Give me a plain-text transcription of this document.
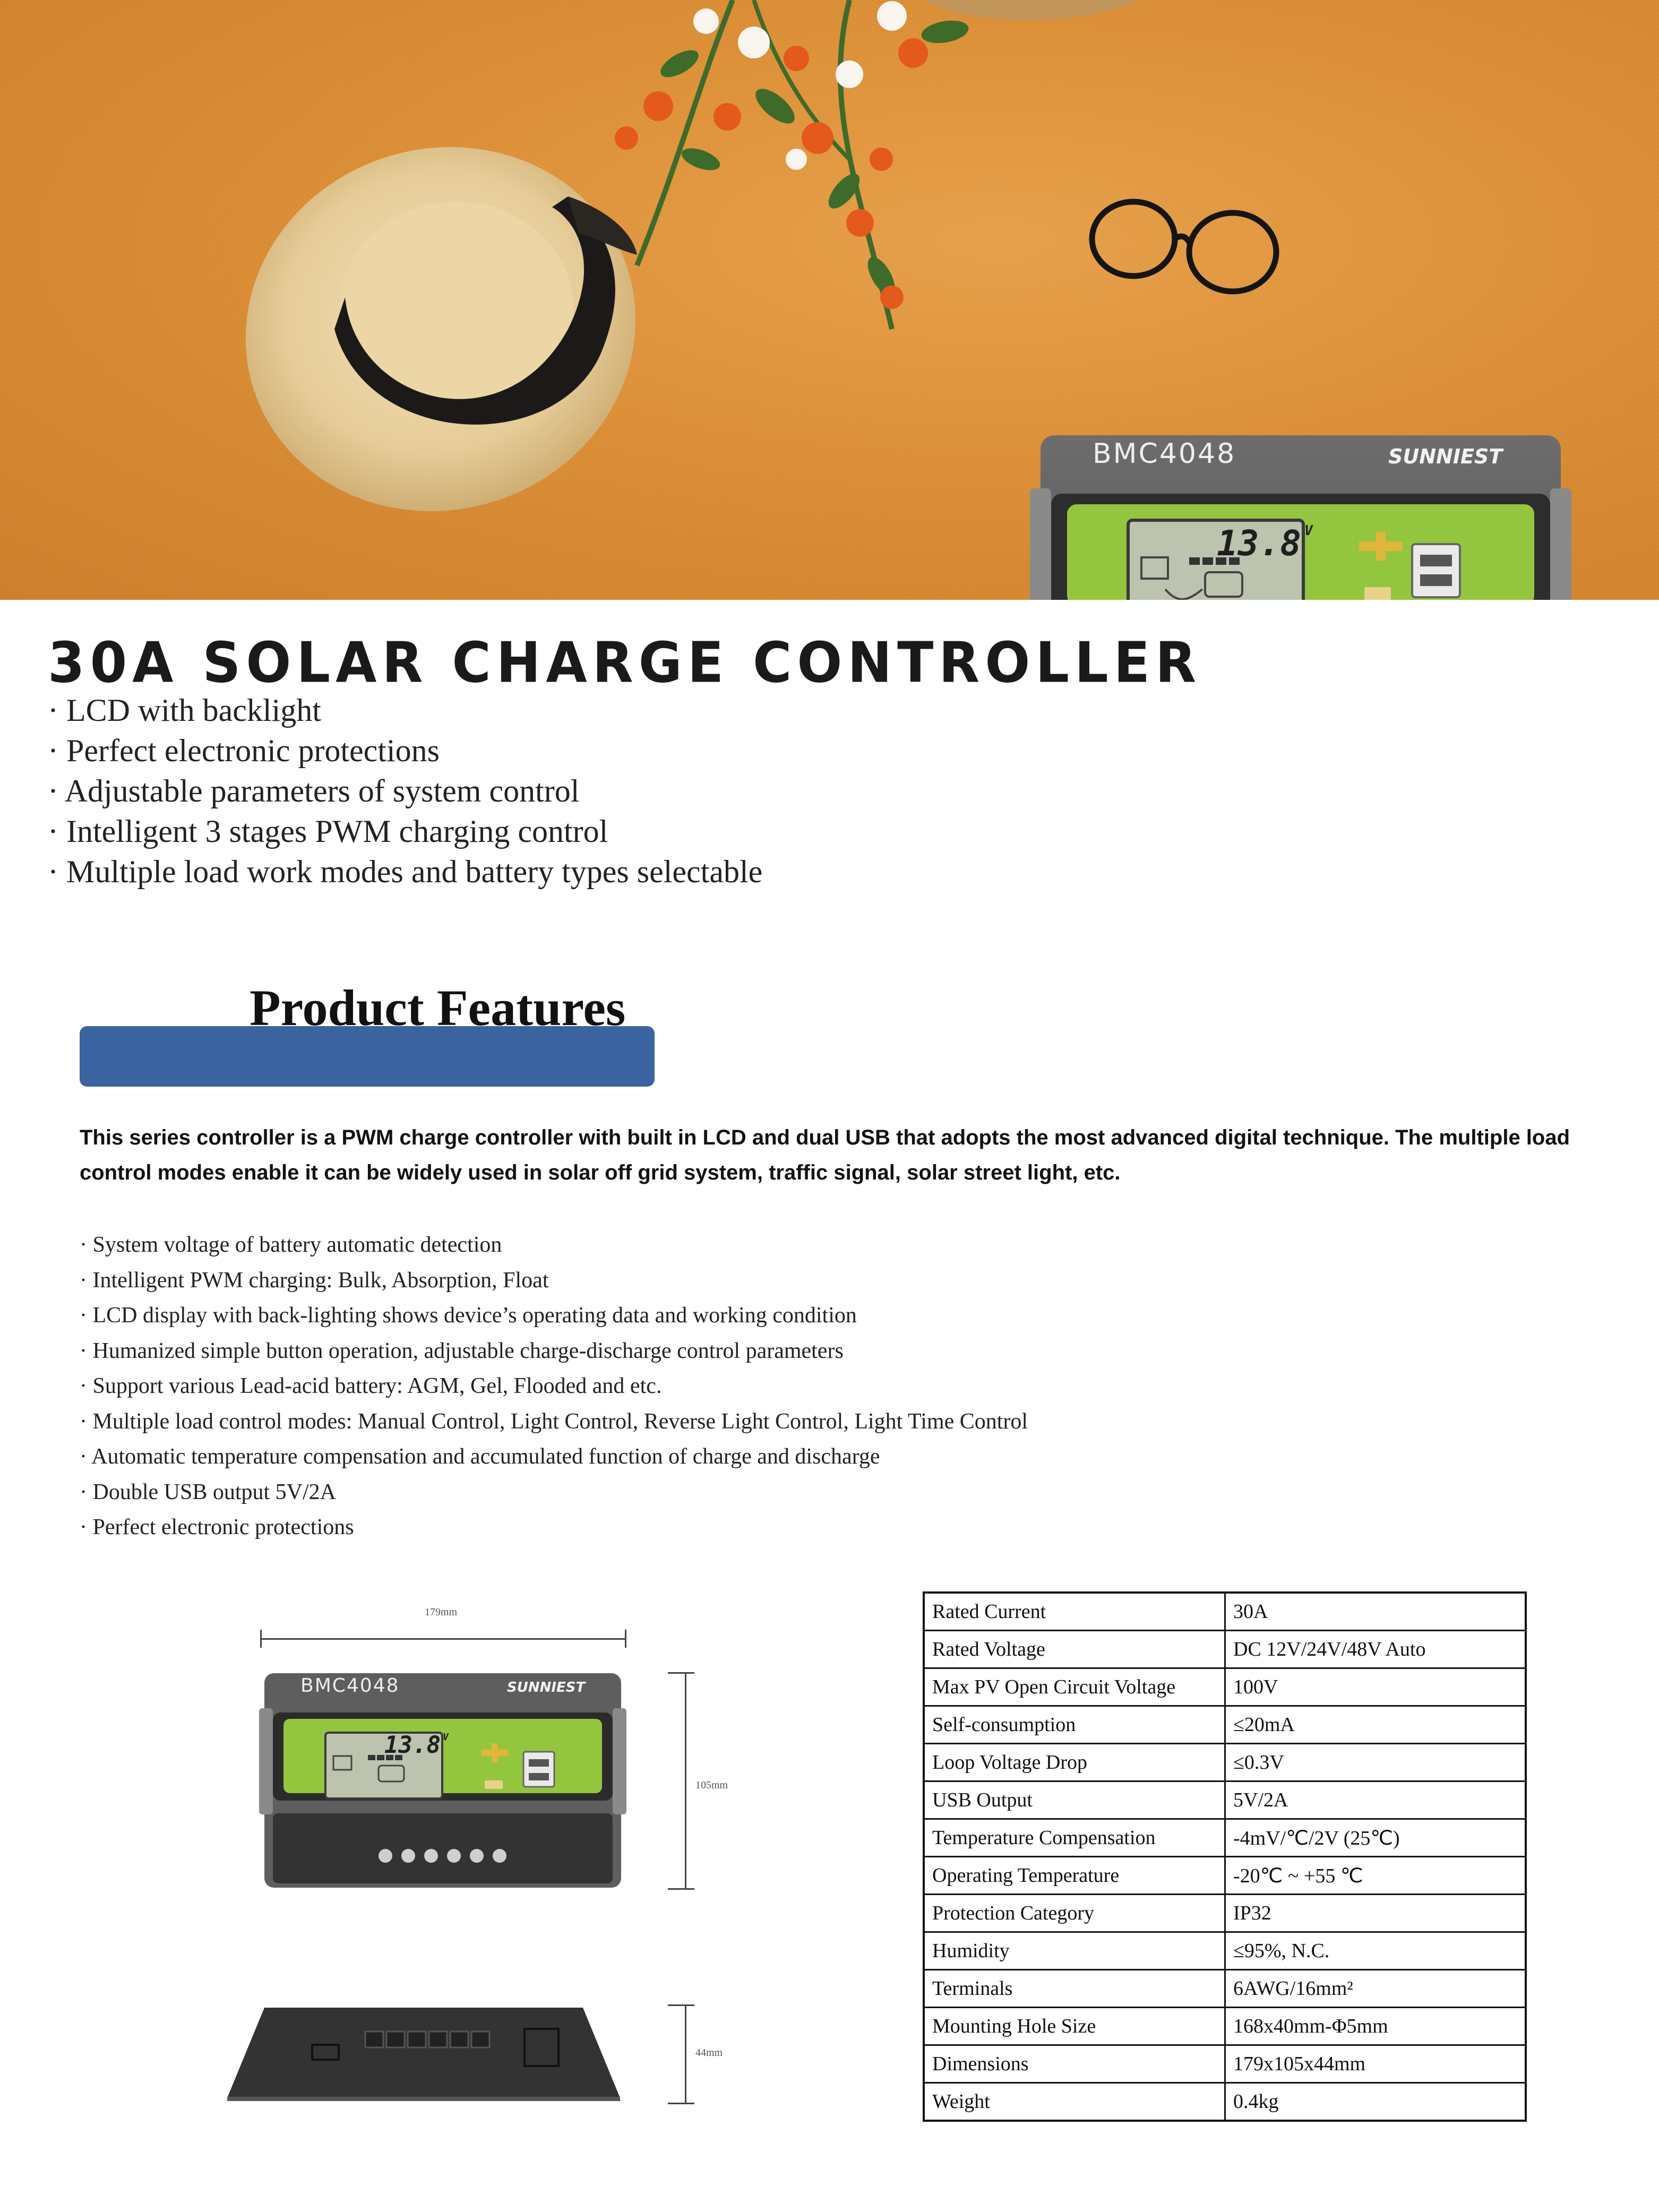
BMC4048	SUNNIEST
13.8 $^V$
30A SOLAR CHARGE CONTROLLER
· LCD with backlight
· Perfect electronic protections
· Adjustable parameters of system control
· Intelligent 3 stages PWM charging control
· Multiple load work modes and battery types selectable
Product Features
This series controller is a PWM charge controller with built in LCD and dual USB that adopts the most advanced digital technique. The multiple load control modes enable it can be widely used in solar off grid system, traffic signal, solar street light, etc.
· System voltage of battery automatic detection
· Intelligent PWM charging: Bulk, Absorption, Float
· LCD display with back-lighting shows device’s operating data and working condition
· Humanized simple button operation, adjustable charge-discharge control parameters
· Support various Lead-acid battery: AGM, Gel, Flooded and etc.
· Multiple load control modes: Manual Control, Light Control, Reverse Light Control, Light Time Control
· Automatic temperature compensation and accumulated function of charge and discharge
· Double USB output 5V/2A
· Perfect electronic protections
179mm
BMC4048	SUNNIEST
13.8 $^V$
105mm
44mm
Rated Current	30A
Rated Voltage	DC 12V/24V/48V Auto
Max PV Open Circuit Voltage	100V
Self-consumption	≤20mA
Loop Voltage Drop	≤0.3V
USB Output	5V/2A
Temperature Compensation	-4mV/℃/2V (25℃)
Operating Temperature	-20℃ ~ +55 ℃
Protection Category	IP32
Humidity	≤95%, N.C.
Terminals	6AWG/16mm²
Mounting Hole Size	168x40mm-Φ5mm
Dimensions	179x105x44mm
Weight	0.4kg
